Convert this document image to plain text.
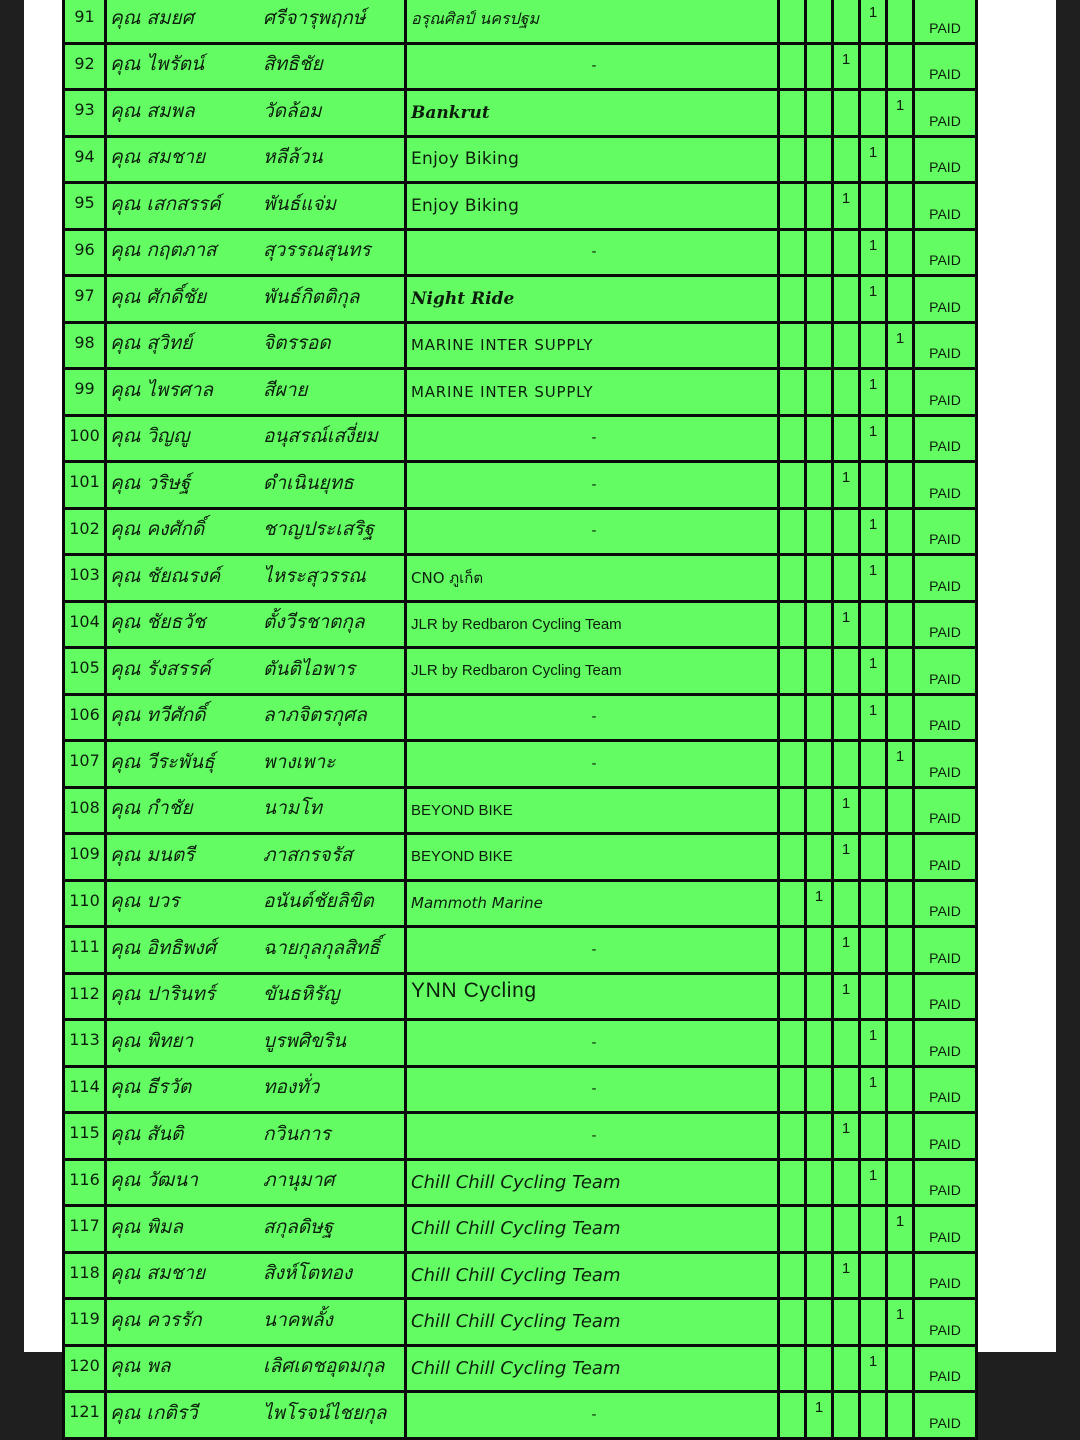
91	คุณ สมยศ	ศรีจารุพฤกษ์	อรุณศิลป์ นครปฐม				1		PAID
92	คุณ ไพรัตน์	สิทธิชัย	-			1			PAID
93	คุณ สมพล	วัดล้อม	Bankrut					1	PAID
94	คุณ สมชาย	หลีล้วน	Enjoy Biking				1		PAID
95	คุณ เสกสรรค์	พันธ์แจ่ม	Enjoy Biking			1			PAID
96	คุณ กฤตภาส	สุวรรณสุนทร	-				1		PAID
97	คุณ ศักดิ์ชัย	พันธ์กิตติกุล	Night Ride				1		PAID
98	คุณ สุวิทย์	จิตรรอด	MARINE INTER SUPPLY					1	PAID
99	คุณ ไพรศาล	สีผาย	MARINE INTER SUPPLY				1		PAID
100	คุณ วิญญู	อนุสรณ์เสงี่ยม	-				1		PAID
101	คุณ วริษฐ์	ดำเนินยุทธ	-			1			PAID
102	คุณ คงศักดิ์	ชาญประเสริฐ	-				1		PAID
103	คุณ ชัยณรงค์	ไหระสุวรรณ	CNO ภูเก็ต				1		PAID
104	คุณ ชัยธวัช	ตั้งวีรชาตกุล	JLR by Redbaron Cycling Team			1			PAID
105	คุณ รังสรรค์	ตันติไอพาร	JLR by Redbaron Cycling Team				1		PAID
106	คุณ ทวีศักดิ์	ลาภจิตรกุศล	-				1		PAID
107	คุณ วีระพันธุ์	พางเพาะ	-					1	PAID
108	คุณ กำชัย	นามโท	BEYOND BIKE			1			PAID
109	คุณ มนตรี	ภาสกรจรัส	BEYOND BIKE			1			PAID
110	คุณ บวร	อนันต์ชัยลิขิต	Mammoth Marine		1				PAID
111	คุณ อิทธิพงศ์	ฉายกุลกุลสิทธิ์	-			1			PAID
112	คุณ ปารินทร์	ขันธหิรัญ	YNN Cycling			1			PAID
113	คุณ พิทยา	บูรพศิขริน	-				1		PAID
114	คุณ ธีรวัต	ทองทั่ว	-				1		PAID
115	คุณ สันติ	กวินการ	-			1			PAID
116	คุณ วัฒนา	ภานุมาศ	Chill Chill Cycling Team				1		PAID
117	คุณ พิมล	สกุลดิษฐ	Chill Chill Cycling Team					1	PAID
118	คุณ สมชาย	สิงห์โตทอง	Chill Chill Cycling Team			1			PAID
119	คุณ ควรรัก	นาคพลั้ง	Chill Chill Cycling Team					1	PAID
120	คุณ พล	เลิศเดชอุดมกุล	Chill Chill Cycling Team				1		PAID
121	คุณ เกติรวี	ไพโรจน์ไชยกุล	-		1				PAID
